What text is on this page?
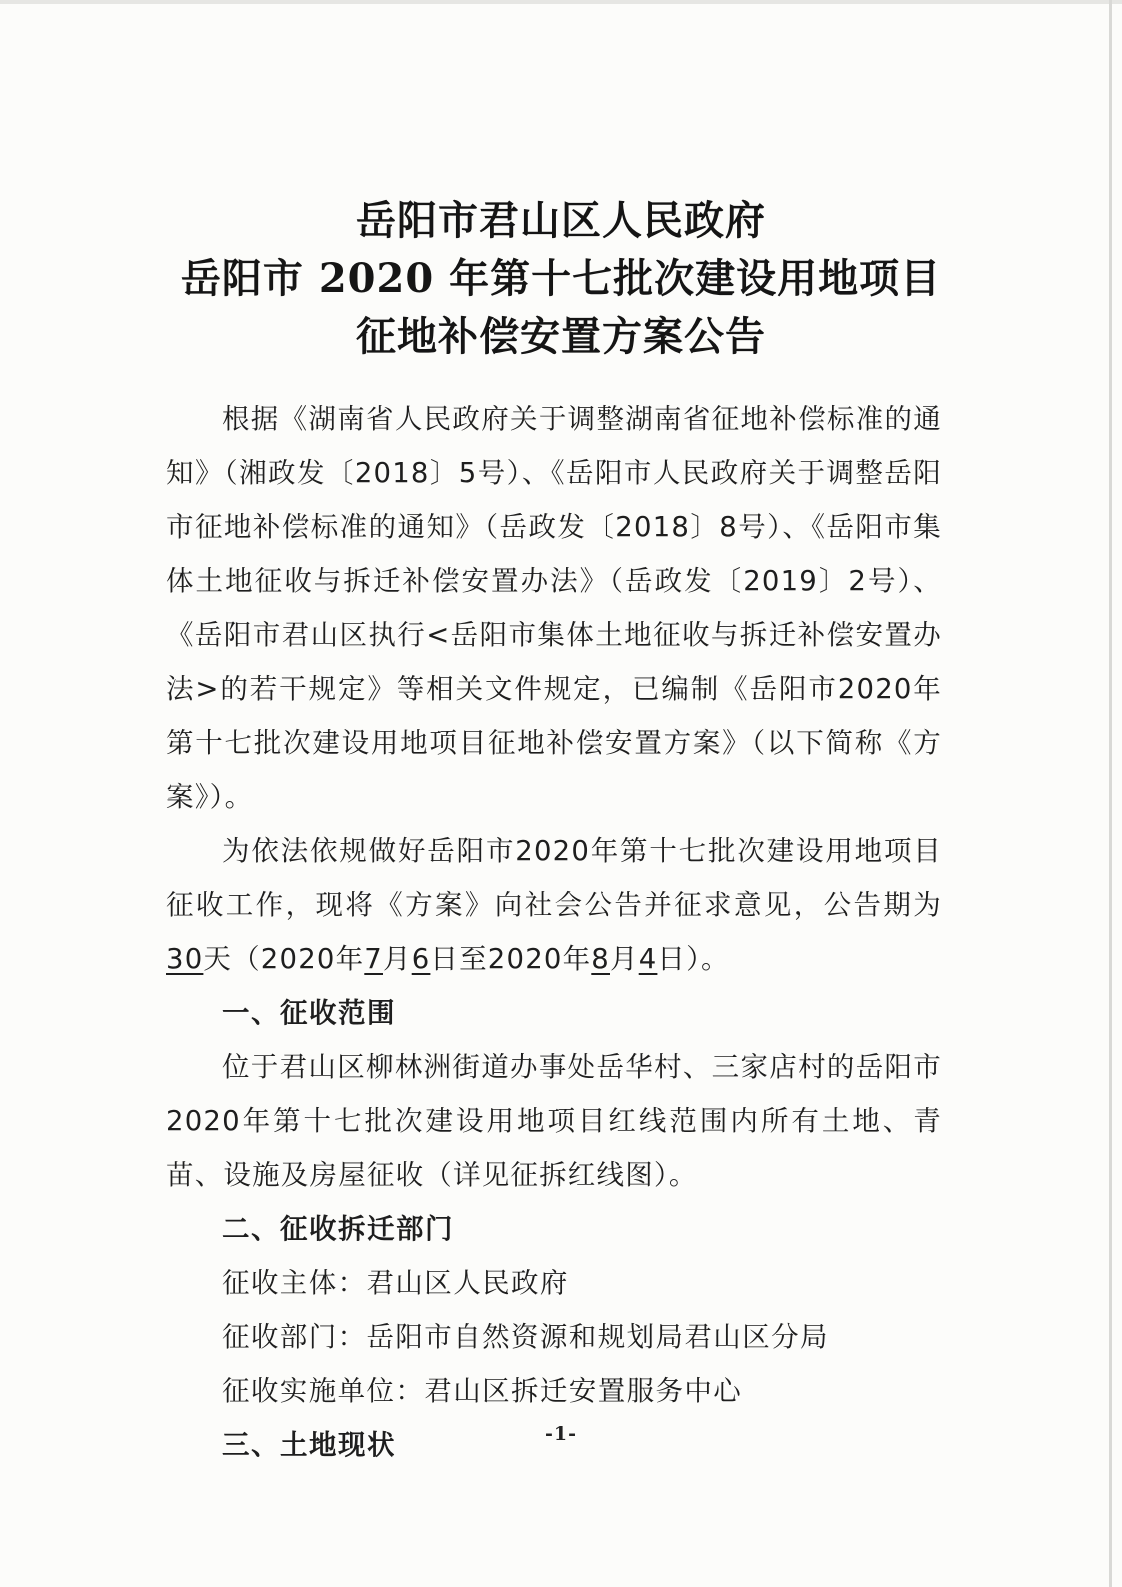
岳阳市君山区人民政府
岳阳市 2020 年第十七批次建设用地项目
征地补偿安置方案公告

根据《湖南省人民政府关于调整湖南省征地补偿标准的通知》（湘政发〔2018〕5号）、《岳阳市人民政府关于调整岳阳市征地补偿标准的通知》（岳政发〔2018〕8号）、《岳阳市集体土地征收与拆迁补偿安置办法》（岳政发〔2019〕2号）、《岳阳市君山区执行<岳阳市集体土地征收与拆迁补偿安置办法>的若干规定》等相关文件规定，已编制《岳阳市2020年第十七批次建设用地项目征地补偿安置方案》（以下简称《方案》）。

为依法依规做好岳阳市2020年第十七批次建设用地项目征收工作，现将《方案》向社会公告并征求意见，公告期为30天（2020年7月6日至2020年8月4日）。

一、征收范围

位于君山区柳林洲街道办事处岳华村、三家店村的岳阳市2020年第十七批次建设用地项目红线范围内所有土地、青苗、设施及房屋征收（详见征拆红线图）。

二、征收拆迁部门

征收主体：君山区人民政府

征收部门：岳阳市自然资源和规划局君山区分局

征收实施单位：君山区拆迁安置服务中心

三、土地现状	-1-
